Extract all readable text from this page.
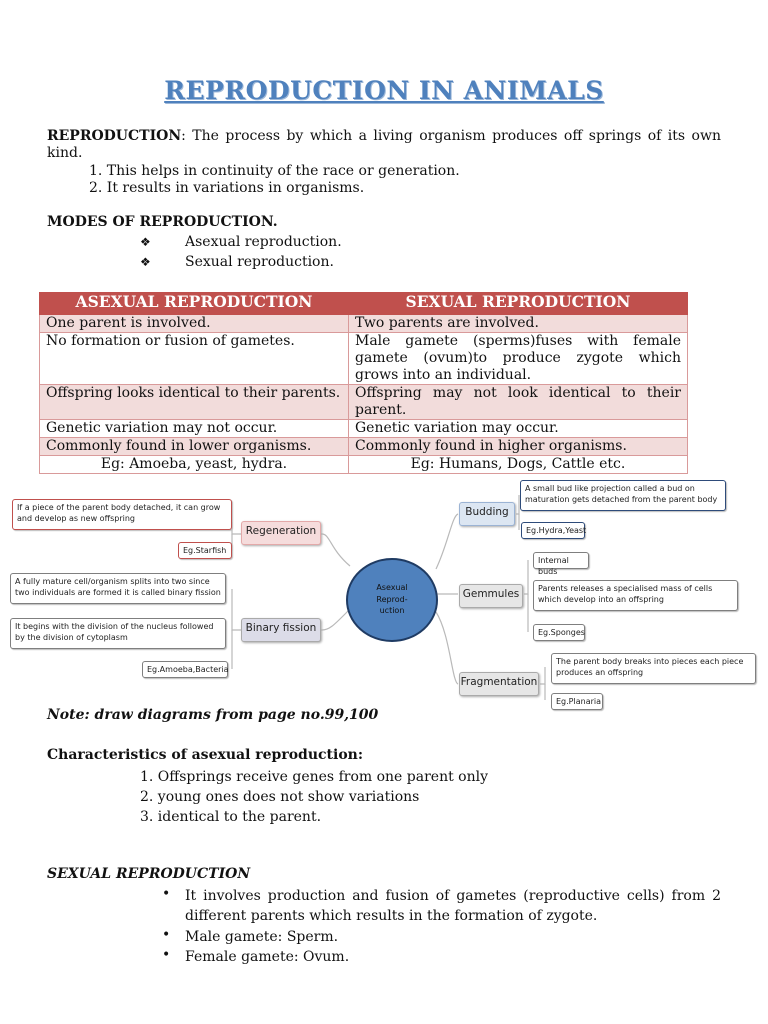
REPRODUCTION IN ANIMALS
REPRODUCTION: The process by which a living organism produces off springs of its own kind.
1. This helps in continuity of the race or generation.
2. It results in variations in organisms.
MODES OF REPRODUCTION.
❖ Asexual reproduction.
❖ Sexual reproduction.
ASEXUAL REPRODUCTION	SEXUAL REPRODUCTION
One parent is involved.	Two parents are involved.
No formation or fusion of gametes.	Male gamete (sperms)fuses with female gamete (ovum)to produce zygote which grows into an individual.
Offspring looks identical to their parents.	Offspring may not look identical to their parent.
Genetic variation may not occur.	Genetic variation may occur.
Commonly found in lower organisms.	Commonly found in higher organisms.
Eg: Amoeba, yeast, hydra.	Eg: Humans, Dogs, Cattle etc.
Asexual
Reprod-
uction
If a piece of the parent body detached, it can grow and develop as new offspring
Eg.Starfish
Regeneration
A fully mature cell/organism splits into two since two individuals are formed it is called binary fission
It begins with the division of the nucleus followed by the division of cytoplasm
Eg.Amoeba,Bacteria
Binary fission
Budding
A small bud like projection called a bud on maturation gets detached from the parent body
Eg.Hydra,Yeast
Gemmules
Internal buds
Parents releases a specialised mass of cells which develop into an offspring
Eg.Sponges
Fragmentation
The parent body breaks into pieces each piece produces an offspring
Eg.Planaria
Note: draw diagrams from page no.99,100
Characteristics of asexual reproduction:
1. Offsprings receive genes from one parent only
2. young ones does not show variations
3. identical to the parent.
SEXUAL REPRODUCTION
• It involves production and fusion of gametes (reproductive cells) from 2 different parents which results in the formation of zygote.
• Male gamete: Sperm.
• Female gamete: Ovum.
